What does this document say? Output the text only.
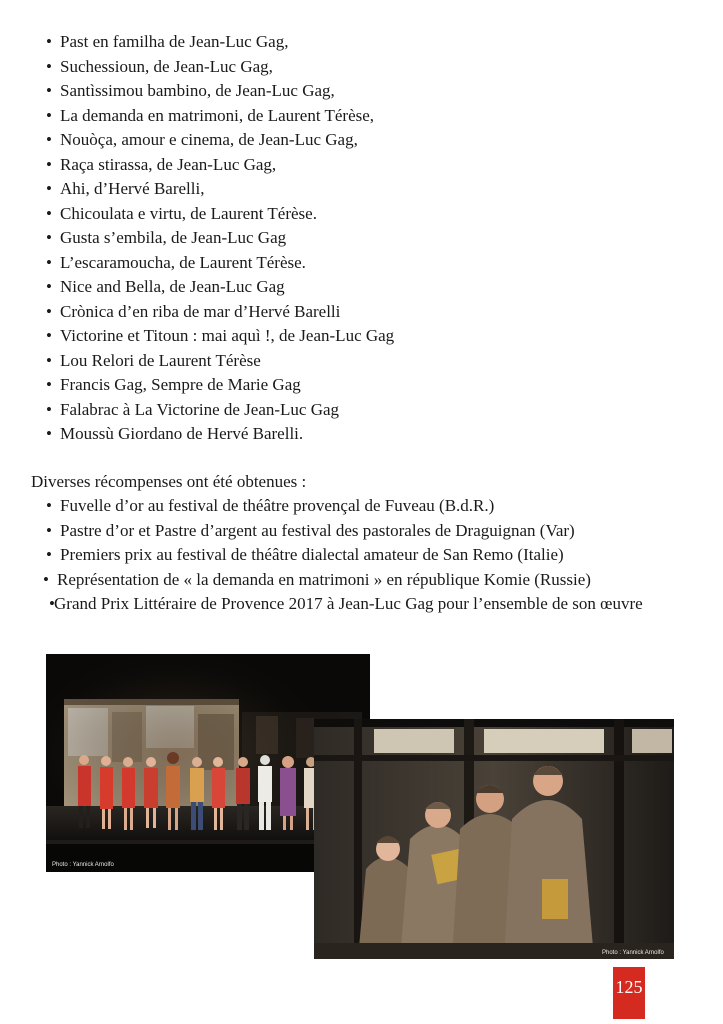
• Past en familha de Jean-Luc Gag,
• Suchessioun, de Jean-Luc Gag,
• Santìssimou bambino, de Jean-Luc Gag,
• La demanda en matrimoni, de Laurent Térèse,
• Nouòça, amour e cinema, de Jean-Luc Gag,
• Raça stirassa, de Jean-Luc Gag,
• Ahi, d’Hervé Barelli,
• Chicoulata e virtu, de Laurent Térèse.
• Gusta s’embila, de Jean-Luc Gag
• L’escaramoucha, de Laurent Térèse.
• Nice and Bella, de Jean-Luc Gag
• Crònica d’en riba de mar d’Hervé Barelli
• Victorine et Titoun : mai aquì !, de Jean-Luc Gag
• Lou Relori de Laurent Térèse
• Francis Gag, Sempre de Marie Gag
• Falabrac à La Victorine de Jean-Luc Gag
• Moussù Giordano de Hervé Barelli.
Diverses récompenses ont été obtenues :
• Fuvelle d’or au festival de théâtre provençal de Fuveau (B.d.R.)
• Pastre d’or et Pastre d’argent au festival des pastorales de Draguignan (Var)
• Premiers prix au festival de théâtre dialectal amateur de San Remo (Italie)
• Représentation de « la demanda en matrimoni » en république Komie (Russie)
•Grand Prix Littéraire de Provence 2017 à Jean-Luc Gag pour l’ensemble de son œuvre
Photo : Yannick Arnolfo
Photo : Yannick Arnolfo
125
